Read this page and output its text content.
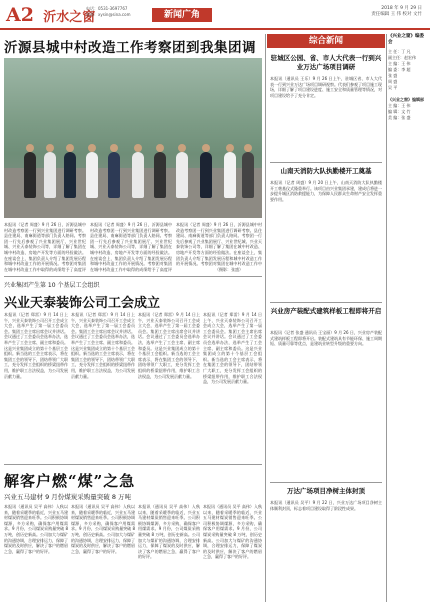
A2 沂水之窗
电话：0531-3697767
邮箱：xysin@sina.com	新闻广角
2018 年 9 月 29 日
责任编辑 王 伟 校对 文竹
沂源县城中村改造工作考察团到我集团调
本报讯（记者 周盛）9 月 26 日，沂源县城中村改造考察团一行到兴业集团进行调研考察。县住建局、南麻街道等部门负责人陪同。考察团一行先后参观了兴业集团展厅、兴业世纪城、兴业天泰装饰公司等，详细了解了集团在城中村改造、房地产开发等方面的经验做法。在座谈会上，集团负责人介绍了集团发展历程和城中村改造工作的开展情况。考察团对集团在城中村改造工作中取得的成绩给予了高度评
本报讯（记者 周盛）9 月 26 日，沂源县城中村改造考察团一行到兴业集团进行调研考察。县住建局、南麻街道等部门负责人陪同。考察团一行先后参观了兴业集团展厅、兴业世纪城、兴业天泰装饰公司等，详细了解了集团在城中村改造、房地产开发等方面的经验做法。在座谈会上，集团负责人介绍了集团发展历程和城中村改造工作的开展情况。考察团对集团在城中村改造工作中取得的成绩给予了高度评
本报讯（记者 周盛）9 月 26 日，沂源县城中村改造考察团一行到兴业集团进行调研考察。县住建局、南麻街道等部门负责人陪同。考察团一行先后参观了兴业集团展厅、兴业世纪城、兴业天泰装饰公司等，详细了解了集团在城中村改造、房地产开发等方面的经验做法。在座谈会上，集团负责人介绍了集团发展历程和城中村改造工作的开展情况。考察团对集团在城中村改造工作中
（摄影：张盛）
兴业集团产生第 10 个基层工会组织
兴业天泰装饰公司工会成立
本报讯（记者 郑雷）9 月 14 日上午，兴业天泰装饰公司召开工会成立大会，选举产生了第一届工会委员会。集团工会主席出席会议并讲话。会议通过了工会委员会选举办法，选举产生了工会主席、副主席和委员。这是兴业集团成立的第十个基层工会组织。新当选的工会主席表示，将在集团工会的领导下，团结带领广大职工，充分发挥工会组织的桥梁纽带作用，维护职工合法权益，为公司发展贡献力量。
本报讯（记者 郑雷）9 月 14 日上午，兴业天泰装饰公司召开工会成立大会，选举产生了第一届工会委员会。集团工会主席出席会议并讲话。会议通过了工会委员会选举办法，选举产生了工会主席、副主席和委员。这是兴业集团成立的第十个基层工会组织。新当选的工会主席表示，将在集团工会的领导下，团结带领广大职工，充分发挥工会组织的桥梁纽带作用，维护职工合法权益，为公司发展贡献力量。
本报讯（记者 郑雷）9 月 14 日上午，兴业天泰装饰公司召开工会成立大会，选举产生了第一届工会委员会。集团工会主席出席会议并讲话。会议通过了工会委员会选举办法，选举产生了工会主席、副主席和委员。这是兴业集团成立的第十个基层工会组织。新当选的工会主席表示，将在集团工会的领导下，团结带领广大职工，充分发挥工会组织的桥梁纽带作用，维护职工合法权益，为公司发展贡献力量。
本报讯（记者 郑雷）9 月 14 日上午，兴业天泰装饰公司召开工会成立大会，选举产生了第一届工会委员会。集团工会主席出席会议并讲话。会议通过了工会委员会选举办法，选举产生了工会主席、副主席和委员。这是兴业集团成立的第十个基层工会组织。新当选的工会主席表示，将在集团工会的领导下，团结带领广大职工，充分发挥工会组织的桥梁纽带作用，维护职工合法权益，为公司发展贡献力量。
解客户燃“煤”之急
兴业五马建材 9 月份煤炭采购量突破 8 万吨
本报讯（通讯员 吴平 高伟）入秋以来，随着采暖季的临近，兴业五马建材煤炭销售迎来旺季。公司积极协调煤源，多方采购，确保客户用煤需求。9 月份，公司煤炭采购量突破 8 万吨，创历史新高。公司加大与煤矿的沟通协调，合理安排运力，保障了煤炭的及时供应，解决了客户的燃眉之急，赢得了客户的好评。
本报讯（通讯员 吴平 高伟）入秋以来，随着采暖季的临近，兴业五马建材煤炭销售迎来旺季。公司积极协调煤源，多方采购，确保客户用煤需求。9 月份，公司煤炭采购量突破 8 万吨，创历史新高。公司加大与煤矿的沟通协调，合理安排运力，保障了煤炭的及时供应，解决了客户的燃眉之急，赢得了客户的好评。
本报讯（通讯员 吴平 高伟）入秋以来，随着采暖季的临近，兴业五马建材煤炭销售迎来旺季。公司积极协调煤源，多方采购，确保客户用煤需求。9 月份，公司煤炭采购量突破 8 万吨，创历史新高。公司加大与煤矿的沟通协调，合理安排运力，保障了煤炭的及时供应，解决了客户的燃眉之急，赢得了客户的好评。
本报讯（通讯员 吴平 高伟）入秋以来，随着采暖季的临近，兴业五马建材煤炭销售迎来旺季。公司积极协调煤源，多方采购，确保客户用煤需求。9 月份，公司煤炭采购量突破 8 万吨，创历史新高。公司加大与煤矿的沟通协调，合理安排运力，保障了煤炭的及时供应，解决了客户的燃眉之急，赢得了客户的好评。
综合新闻
驻城区公园、省、市人大代表一行到兴业万达广场项目调研
本报讯（通讯员 王乐）9 月 26 日上午，驻城区省、市人大代表一行到兴业万达广场项目调研视察。代表们参观了项目施工现场，详细了解了项目建设进度、施工安全和质量管理等情况，对项目建设给予了充分肯定。
山南天消防大队执勤楼开工奠基
本报讯（记者 周盛）9 月 20 日上午，山南天消防大队执勤楼开工奠基仪式隆重举行。该项目由兴业集团承建，建成后将进一步提升城区消防救援能力，为保障人民群众生命财产安全发挥重要作用。
兴业房产装配式建筑样板工程即将开启
本报讯（记者 张盛 通讯员 王宝丽）9 月 26 日，兴业房产装配式建筑样板工程即将开启。装配式建筑具有节能环保、施工周期短、质量可靠等优点，是建筑业转型升级的重要方向。
万达广场项目净树主体封顶
本报讯（通讯员 吴平）9 月 22 日，兴业万达广场项目净树主体顺利封顶，标志着项目建设取得了阶段性成果。
《兴业之窗》编委会
主 任：丁 凡
副主任：赵宏伟
主 编：王 伟
编 委：李 超
张 盛
周 盛
吴 平
《兴业之窗》编辑部
主 编：王 伟
编 辑：文 竹
美 编：张 盛
